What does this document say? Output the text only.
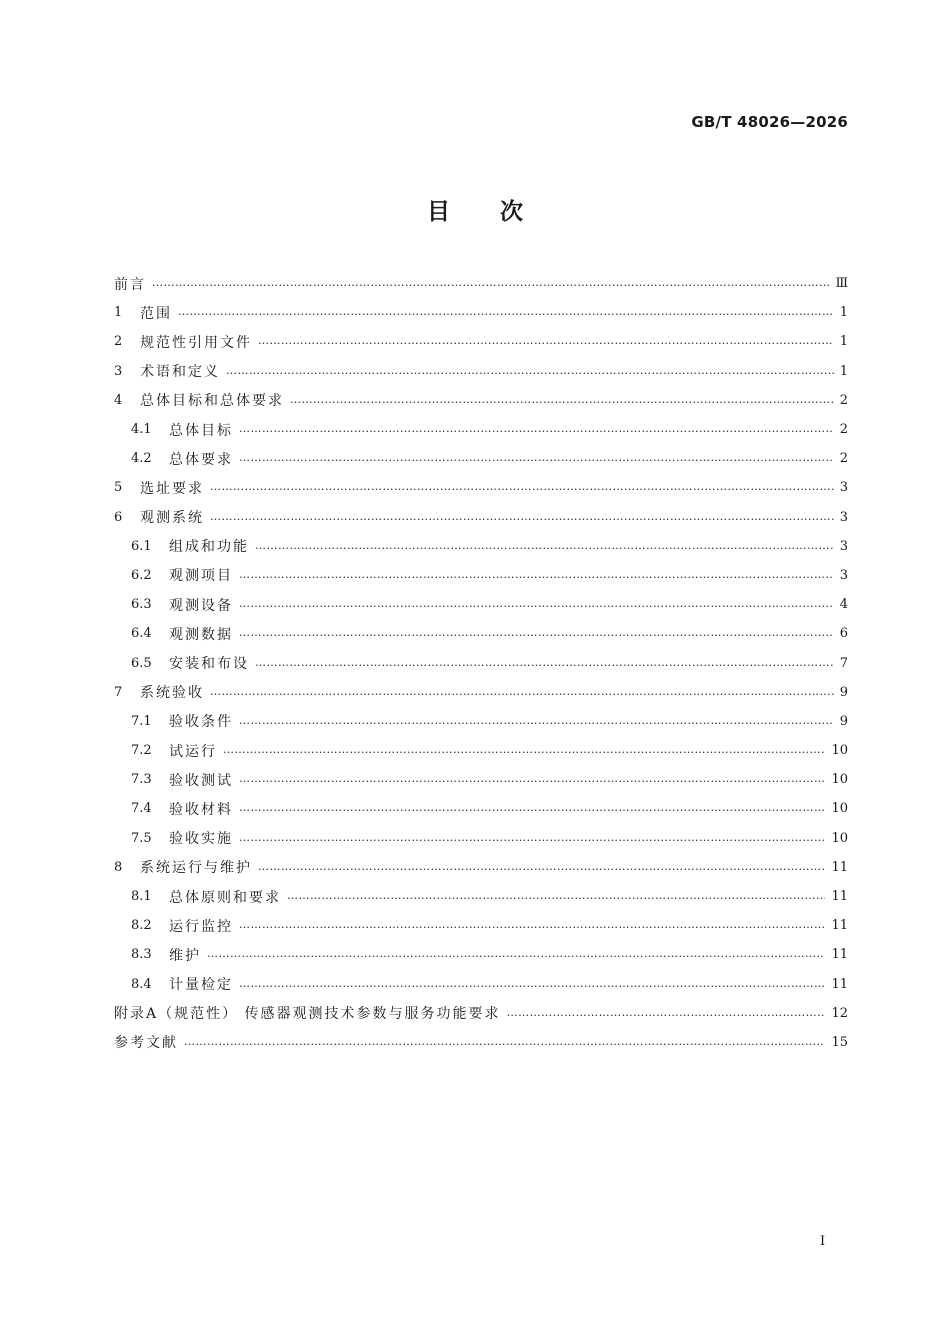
GB/T 48026—2026
目次
前言 ……………………………………………………………………………………………………………………………………………………………………………………………………………………………………………………………………………	Ⅲ
1	范围 ……………………………………………………………………………………………………………………………………………………………………………………………………………………………………………………………………………	1
2	规范性引用文件 ……………………………………………………………………………………………………………………………………………………………………………………………………………………………………………………………………………	1
3	术语和定义 ……………………………………………………………………………………………………………………………………………………………………………………………………………………………………………………………………………	1
4	总体目标和总体要求 ……………………………………………………………………………………………………………………………………………………………………………………………………………………………………………………………………………	2
4.1	总体目标 ……………………………………………………………………………………………………………………………………………………………………………………………………………………………………………………………………………	2
4.2	总体要求 ……………………………………………………………………………………………………………………………………………………………………………………………………………………………………………………………………………	2
5	选址要求 ……………………………………………………………………………………………………………………………………………………………………………………………………………………………………………………………………………	3
6	观测系统 ……………………………………………………………………………………………………………………………………………………………………………………………………………………………………………………………………………	3
6.1	组成和功能 ……………………………………………………………………………………………………………………………………………………………………………………………………………………………………………………………………………	3
6.2	观测项目 ……………………………………………………………………………………………………………………………………………………………………………………………………………………………………………………………………………	3
6.3	观测设备 ……………………………………………………………………………………………………………………………………………………………………………………………………………………………………………………………………………	4
6.4	观测数据 ……………………………………………………………………………………………………………………………………………………………………………………………………………………………………………………………………………	6
6.5	安装和布设 ……………………………………………………………………………………………………………………………………………………………………………………………………………………………………………………………………………	7
7	系统验收 ……………………………………………………………………………………………………………………………………………………………………………………………………………………………………………………………………………	9
7.1	验收条件 ……………………………………………………………………………………………………………………………………………………………………………………………………………………………………………………………………………	9
7.2	试运行 ……………………………………………………………………………………………………………………………………………………………………………………………………………………………………………………………………………	10
7.3	验收测试 ……………………………………………………………………………………………………………………………………………………………………………………………………………………………………………………………………………	10
7.4	验收材料 ……………………………………………………………………………………………………………………………………………………………………………………………………………………………………………………………………………	10
7.5	验收实施 ……………………………………………………………………………………………………………………………………………………………………………………………………………………………………………………………………………	10
8	系统运行与维护 ……………………………………………………………………………………………………………………………………………………………………………………………………………………………………………………………………………	11
8.1	总体原则和要求 ……………………………………………………………………………………………………………………………………………………………………………………………………………………………………………………………………………	11
8.2	运行监控 ……………………………………………………………………………………………………………………………………………………………………………………………………………………………………………………………………………	11
8.3	维护 ……………………………………………………………………………………………………………………………………………………………………………………………………………………………………………………………………………	11
8.4	计量检定 ……………………………………………………………………………………………………………………………………………………………………………………………………………………………………………………………………………	11
附录A（规范性） 传感器观测技术参数与服务功能要求 ……………………………………………………………………………………………………………………………………………………………………………………………………………………………………………………………………………	12
参考文献 ……………………………………………………………………………………………………………………………………………………………………………………………………………………………………………………………………………	15
I
